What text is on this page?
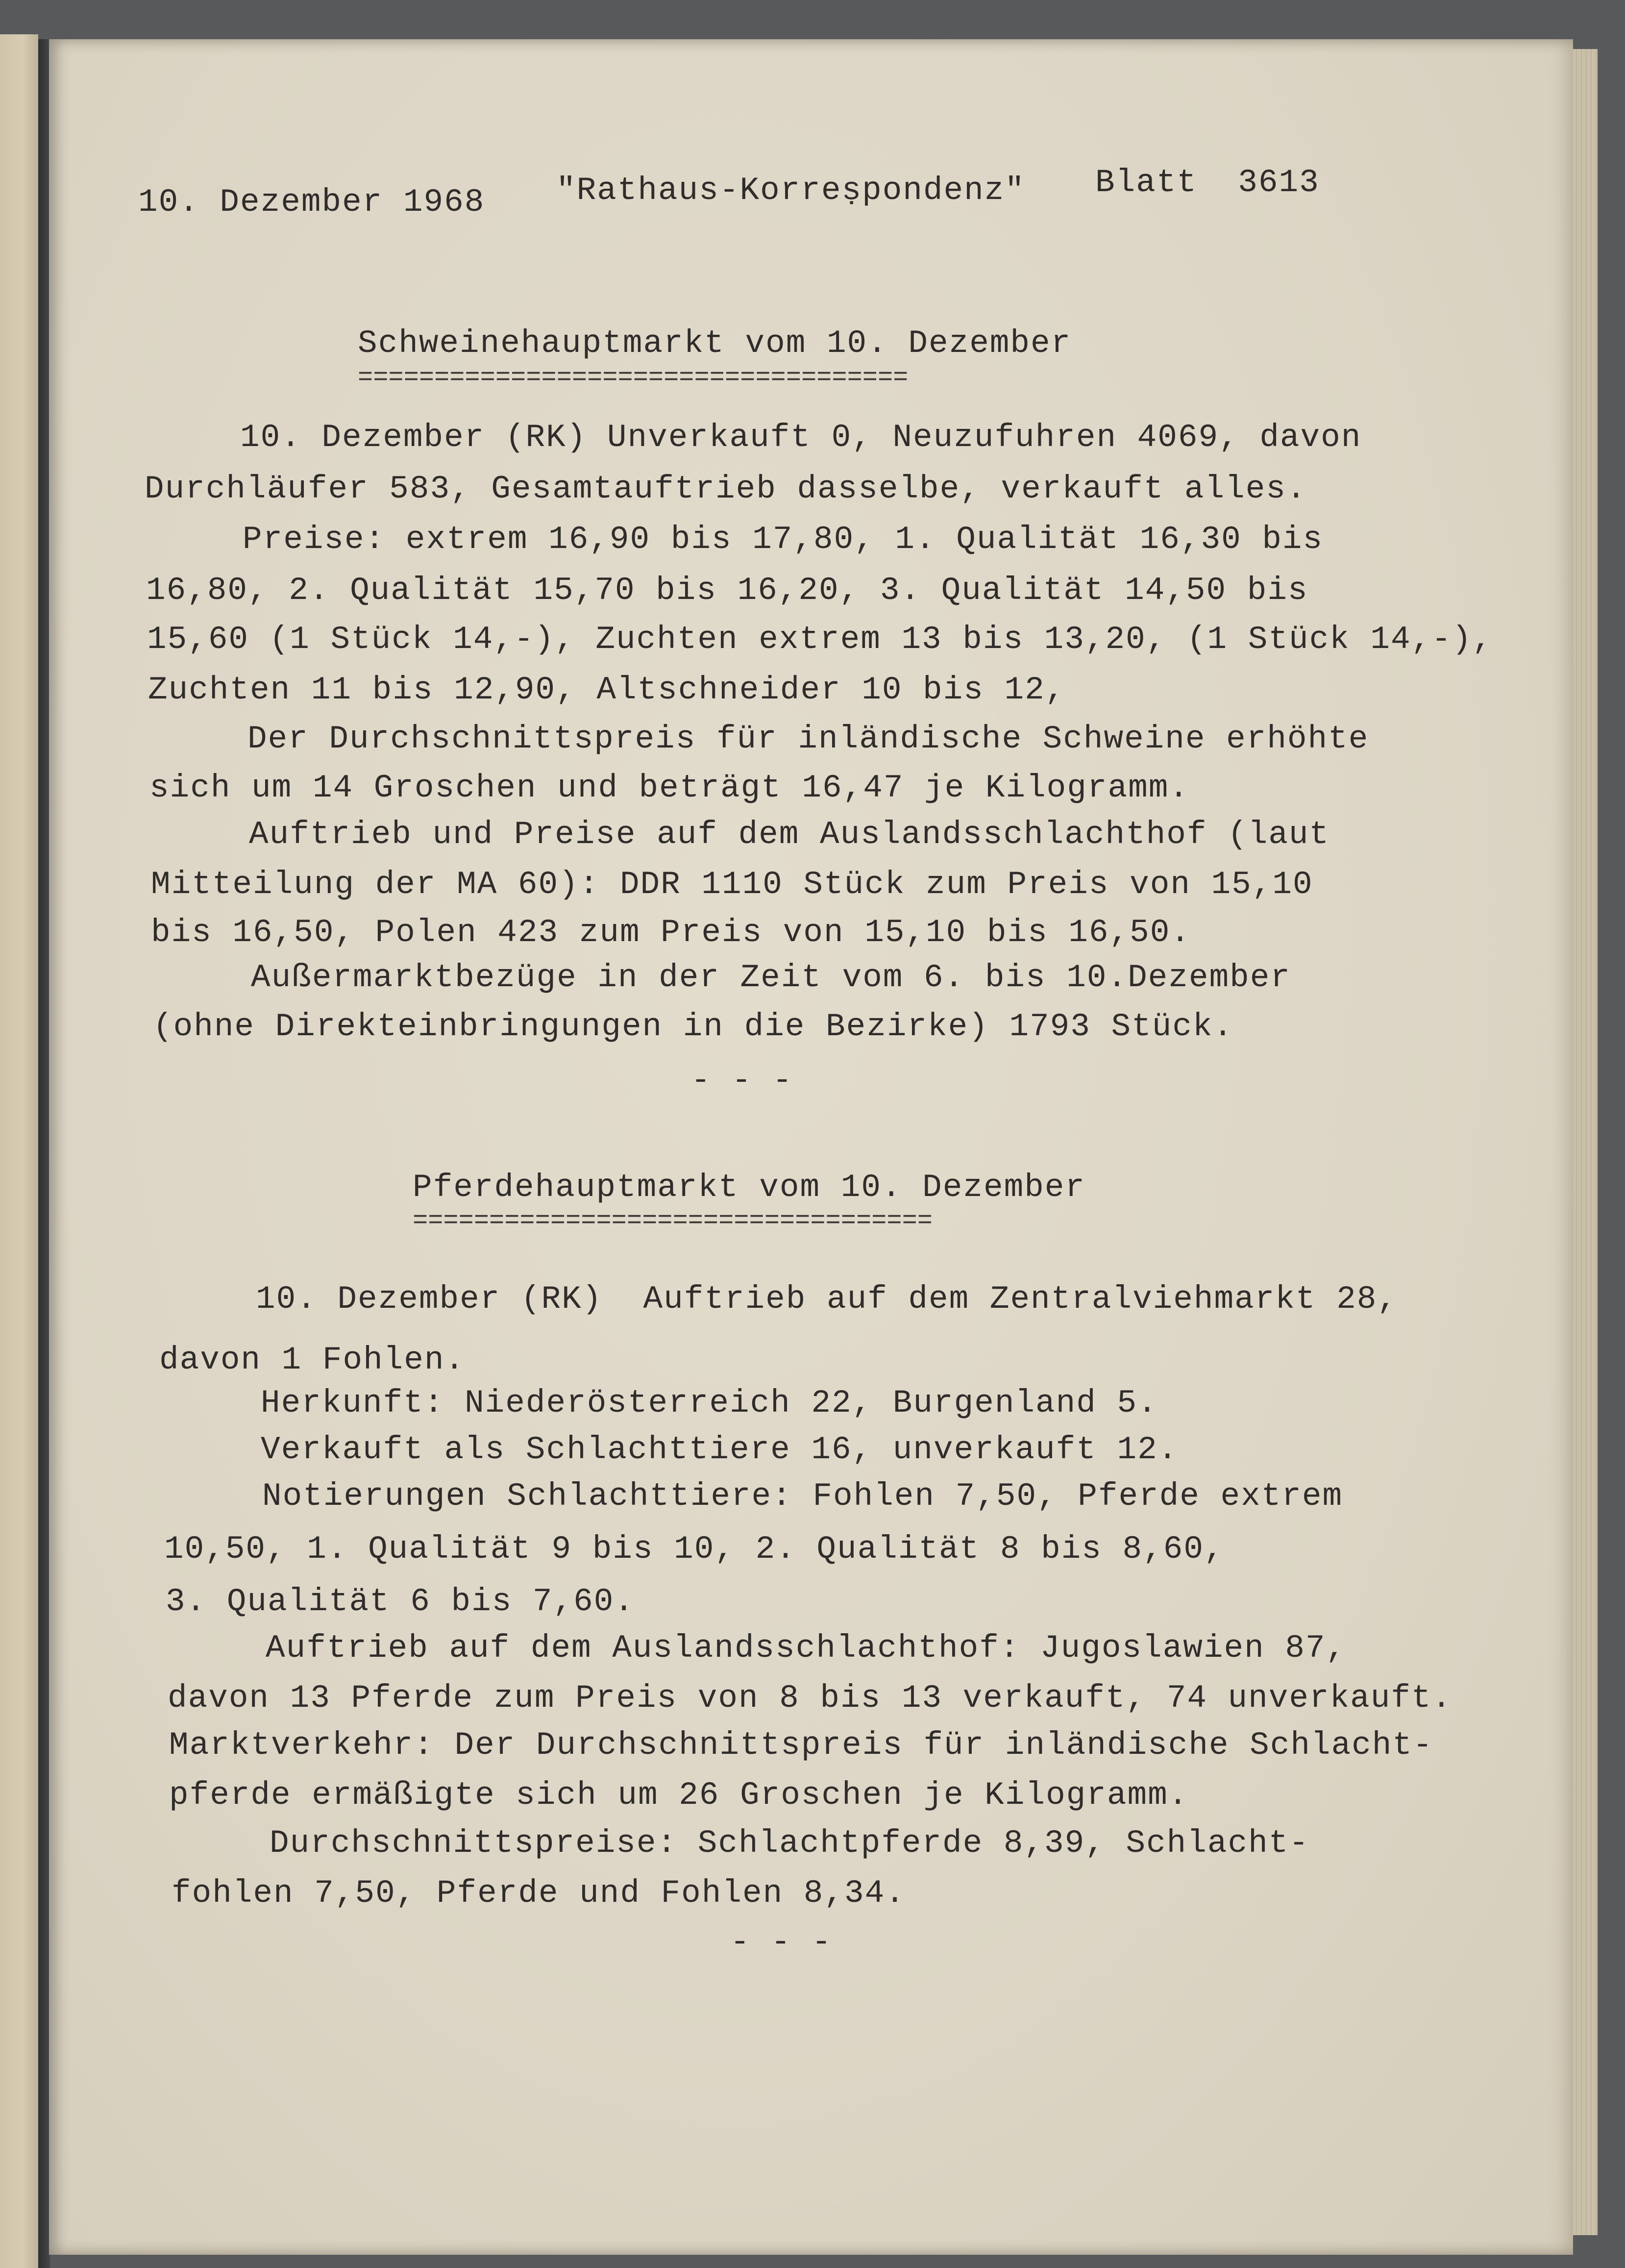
10. Dezember 1968 "Rathaus-Korreṣpondenz" Blatt  3613
Schweinehauptmarkt vom 10. Dezember
====================================
10. Dezember (RK) Unverkauft 0, Neuzufuhren 4069, davon
Durchläufer 583, Gesamtauftrieb dasselbe, verkauft alles.
Preise: extrem 16,90 bis 17,80, 1. Qualität 16,30 bis
16,80, 2. Qualität 15,70 bis 16,20, 3. Qualität 14,50 bis
15,60 (1 Stück 14,-), Zuchten extrem 13 bis 13,20, (1 Stück 14,-),
Zuchten 11 bis 12,90, Altschneider 10 bis 12,
Der Durchschnittspreis für inländische Schweine erhöhte
sich um 14 Groschen und beträgt 16,47 je Kilogramm.
Auftrieb und Preise auf dem Auslandsschlachthof (laut
Mitteilung der MA 60): DDR 1110 Stück zum Preis von 15,10
bis 16,50, Polen 423 zum Preis von 15,10 bis 16,50.
Außermarktbezüge in der Zeit vom 6. bis 10.Dezember
(ohne Direkteinbringungen in die Bezirke) 1793 Stück.
- - -
Pferdehauptmarkt vom 10. Dezember
==================================
10. Dezember (RK)  Auftrieb auf dem Zentralviehmarkt 28,
davon 1 Fohlen.
Herkunft: Niederösterreich 22, Burgenland 5.
Verkauft als Schlachttiere 16, unverkauft 12.
Notierungen Schlachttiere: Fohlen 7,50, Pferde extrem
10,50, 1. Qualität 9 bis 10, 2. Qualität 8 bis 8,60,
3. Qualität 6 bis 7,60.
Auftrieb auf dem Auslandsschlachthof: Jugoslawien 87,
davon 13 Pferde zum Preis von 8 bis 13 verkauft, 74 unverkauft.
Marktverkehr: Der Durchschnittspreis für inländische Schlacht-
pferde ermäßigte sich um 26 Groschen je Kilogramm.
Durchschnittspreise: Schlachtpferde 8,39, Schlacht-
fohlen 7,50, Pferde und Fohlen 8,34.
- - -
